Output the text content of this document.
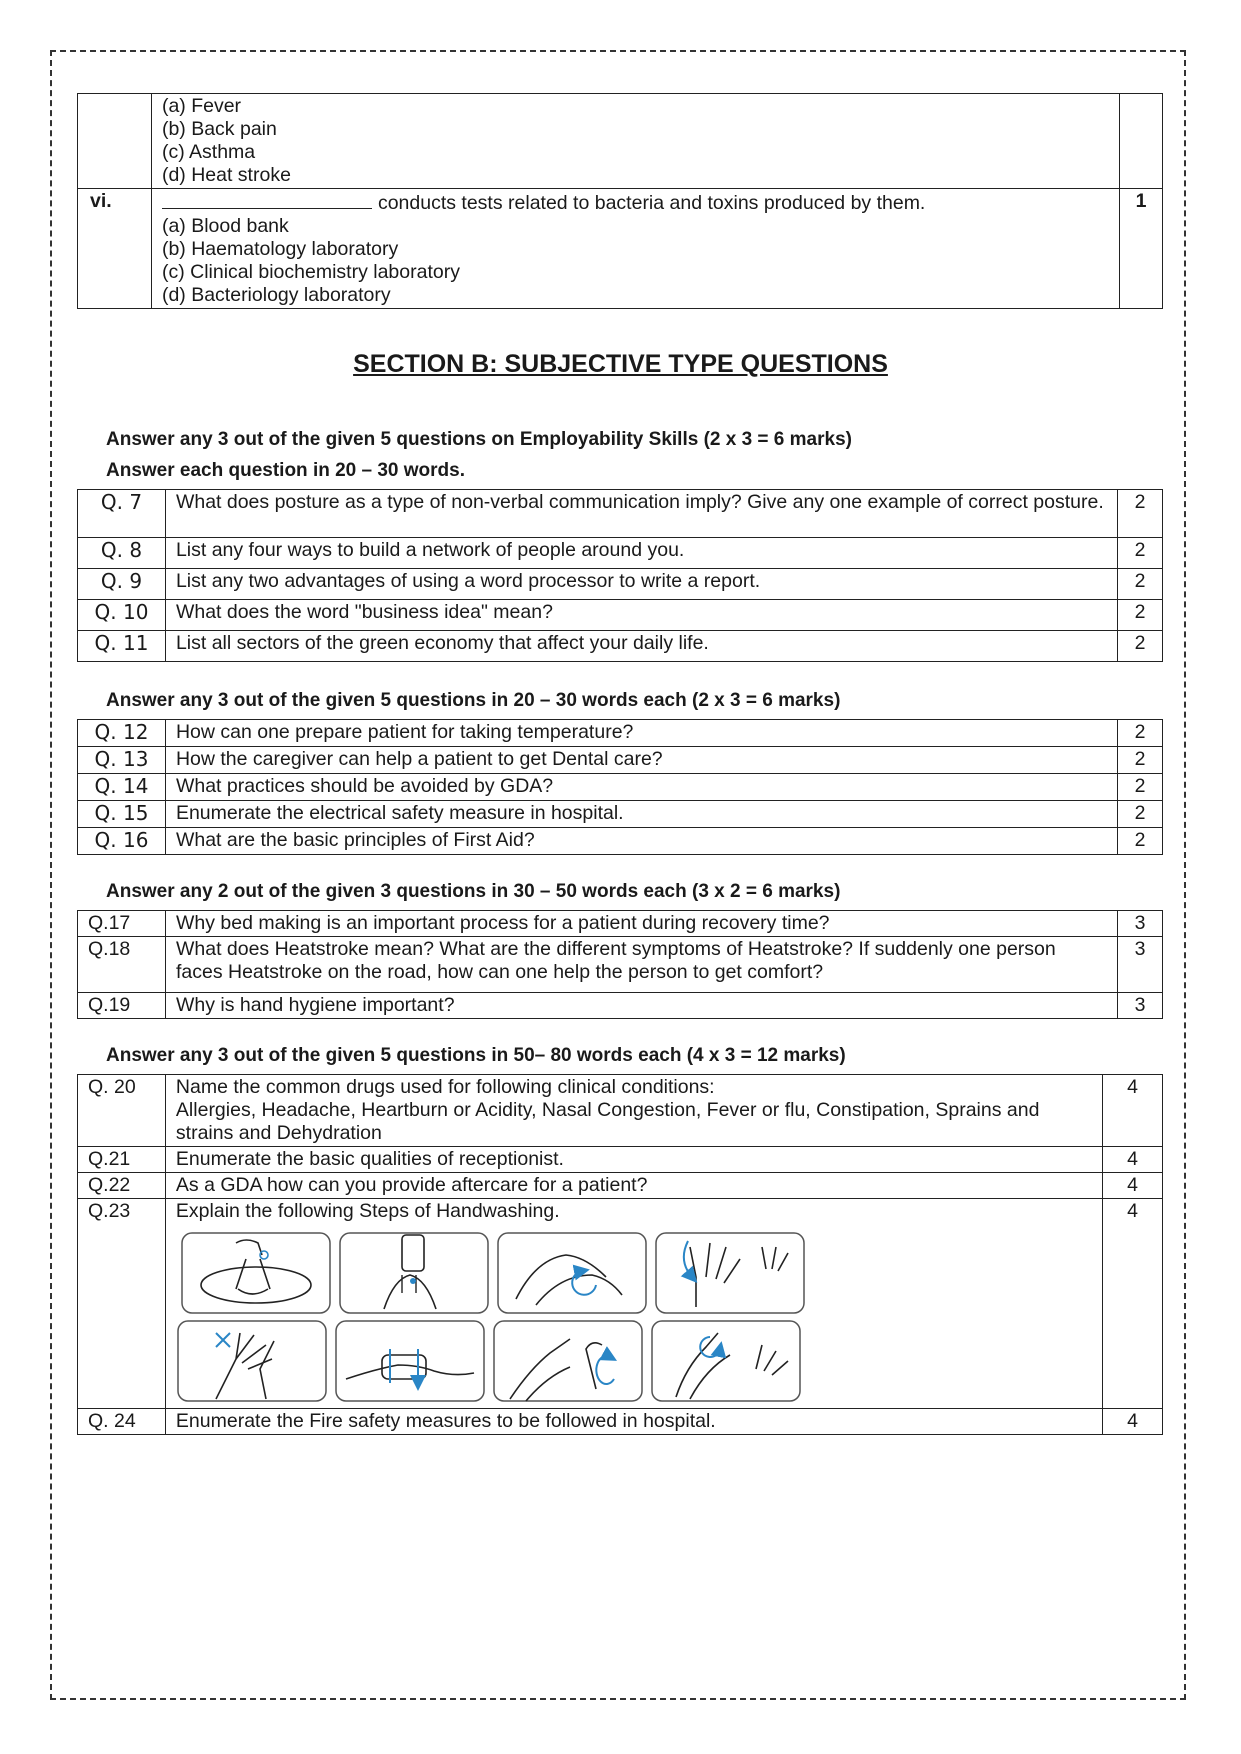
	(a) Fever
(b) Back pain
(c) Asthma
(d) Heat stroke	

vi.	conducts tests related to bacteria and toxins produced by them.
(a) Blood bank
(b) Haematology laboratory
(c) Clinical biochemistry laboratory
(d) Bacteriology laboratory	1
SECTION B: SUBJECTIVE TYPE QUESTIONS
Answer any 3 out of the given 5 questions on Employability Skills (2 x 3 = 6 marks)
Answer each question in 20 – 30 words.
Q. 7	What does posture as a type of non-verbal communication imply? Give any one example of correct posture.	2
Q. 8	List any four ways to build a network of people around you.	2
Q. 9	List any two advantages of using a word processor to write a report.	2
Q. 10	What does the word "business idea" mean?	2
Q. 11	List all sectors of the green economy that affect your daily life.	2
Answer any 3 out of the given 5 questions in 20 – 30 words each (2 x 3 = 6 marks)
Q. 12	How can one prepare patient for taking temperature?	2
Q. 13	How the caregiver can help a patient to get Dental care?	2
Q. 14	What practices should be avoided by GDA?	2
Q. 15	Enumerate the electrical safety measure in hospital.	2
Q. 16	What are the basic principles of First Aid?	2
Answer any 2 out of the given 3 questions in 30 – 50 words each (3 x 2 = 6 marks)
Q.17	Why bed making is an important process for a patient during recovery time?	3
Q.18	What does Heatstroke mean? What are the different symptoms of Heatstroke? If suddenly one person faces Heatstroke on the road, how can one help the person to get comfort?	3
Q.19	Why is hand hygiene important?	3
Answer any 3 out of the given 5 questions in 50– 80 words each (4 x 3 = 12 marks)
Q. 20	Name the common drugs used for following clinical conditions:
Allergies, Headache, Heartburn or Acidity, Nasal Congestion, Fever or flu, Constipation, Sprains and strains and Dehydration	4
Q.21	Enumerate the basic qualities of receptionist.	4
Q.22	As a GDA how can you provide aftercare for a patient?	4
Q.23	Explain the following Steps of Handwashing.	4
Q. 24	Enumerate the Fire safety measures to be followed in hospital.	4
